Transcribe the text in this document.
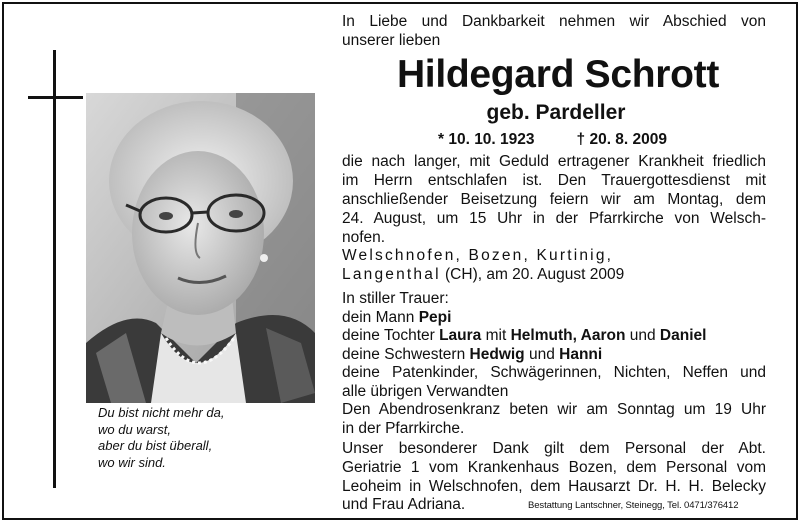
Du bist nicht mehr da,
wo du warst,
aber du bist überall,
wo wir sind.
In Liebe und Dankbarkeit nehmen wir Abschied von
unserer lieben
Hildegard Schrott
geb. Pardeller
* 10. 10. 1923	† 20. 8. 2009
die nach langer, mit Geduld ertragener Krankheit friedlich
im Herrn entschlafen ist. Den Trauergottesdienst mit
anschließender Beisetzung feiern wir am Montag, dem
24. August, um 15 Uhr in der Pfarrkirche von Welsch-
nofen.
Welschnofen, Bozen, Kurtinig,
Langenthal (CH), am 20. August 2009
In stiller Trauer:
dein Mann Pepi
deine Tochter Laura mit Helmuth, Aaron und Daniel
deine Schwestern Hedwig und Hanni
deine Patenkinder, Schwägerinnen, Nichten, Neffen und
alle übrigen Verwandten
Den Abendrosenkranz beten wir am Sonntag um 19 Uhr
in der Pfarrkirche.
Unser besonderer Dank gilt dem Personal der Abt.
Geriatrie 1 vom Krankenhaus Bozen, dem Personal vom
Leoheim in Welschnofen, dem Hausarzt Dr. H. H. Belecky
und Frau Adriana.	Bestattung Lantschner, Steinegg, Tel. 0471/376412
